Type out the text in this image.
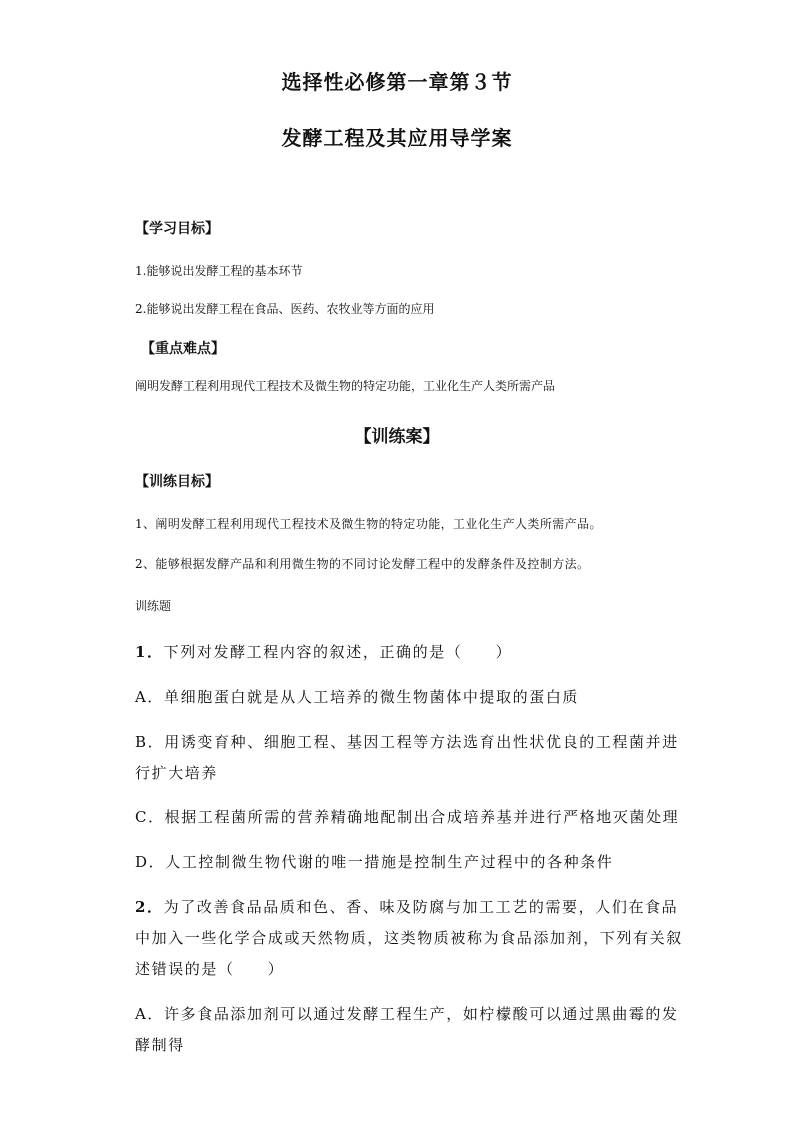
选择性必修第一章第３节
发酵工程及其应用导学案
【学习目标】
1.能够说出发酵工程的基本环节
2.能够说出发酵工程在食品、医药、农牧业等方面的应用
【重点难点】
阐明发酵工程利用现代工程技术及微生物的特定功能，工业化生产人类所需产品
【训练案】
【训练目标】
1、阐明发酵工程利用现代工程技术及微生物的特定功能，工业化生产人类所需产品。
2、能够根据发酵产品和利用微生物的不同讨论发酵工程中的发酵条件及控制方法。
训练题
1．下列对发酵工程内容的叙述，正确的是（　　）
A．单细胞蛋白就是从人工培养的微生物菌体中提取的蛋白质
B．用诱变育种、细胞工程、基因工程等方法选育出性状优良的工程菌并进
行扩大培养
C．根据工程菌所需的营养精确地配制出合成培养基并进行严格地灭菌处理
D．人工控制微生物代谢的唯一措施是控制生产过程中的各种条件
2．为了改善食品品质和色、香、味及防腐与加工工艺的需要，人们在食品
中加入一些化学合成或天然物质，这类物质被称为食品添加剂，下列有关叙
述错误的是（　　）
A．许多食品添加剂可以通过发酵工程生产，如柠檬酸可以通过黑曲霉的发
酵制得
